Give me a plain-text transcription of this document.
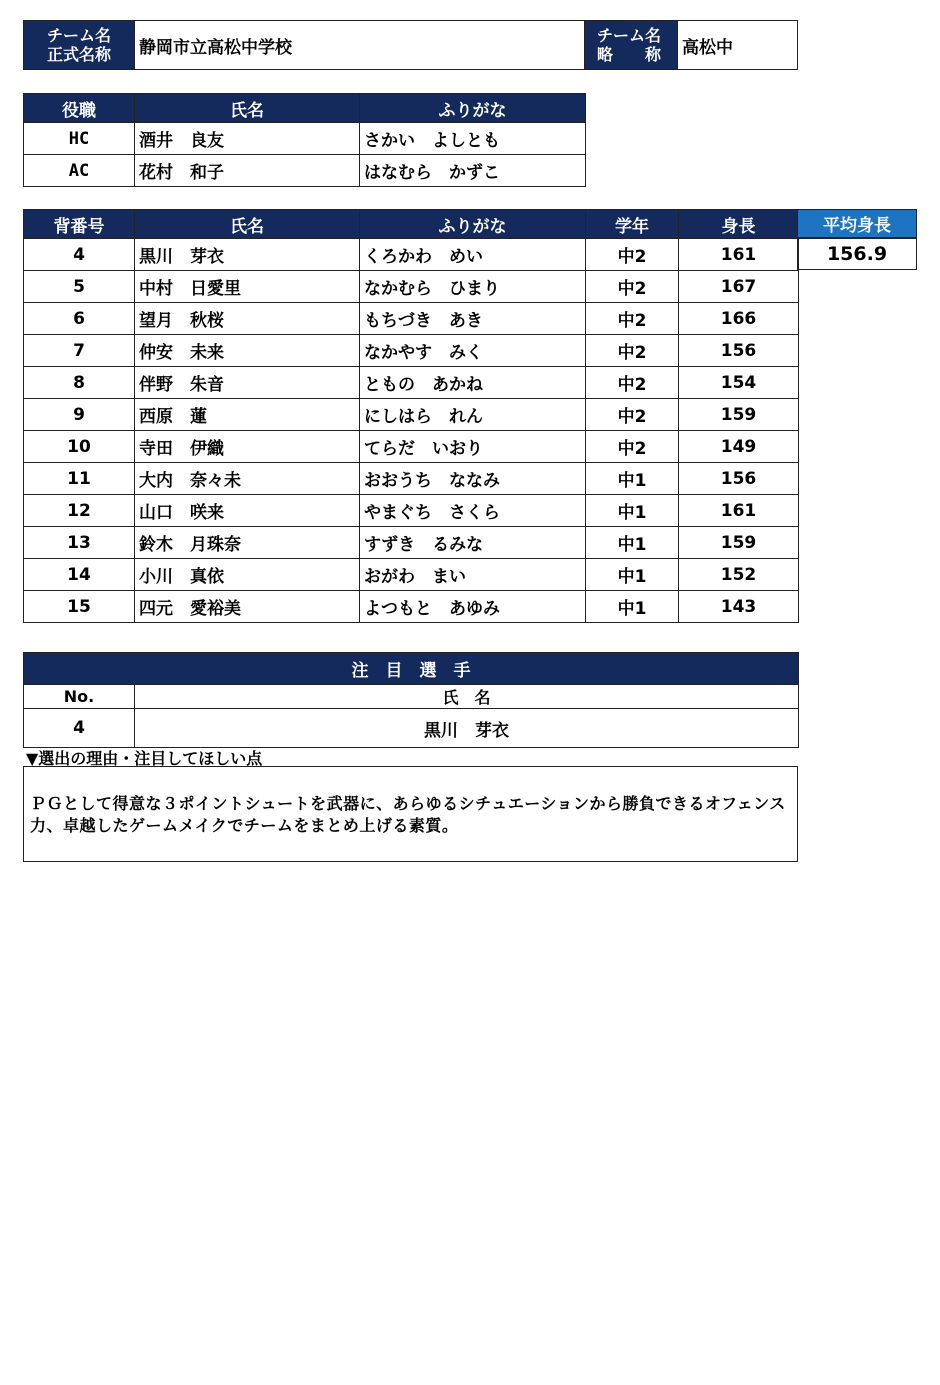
チーム名
正式名称 静岡市立高松中学校
チーム名
略　　称 高松中
役職	氏名	ふりがな
HC	酒井　良友	さかい　よしとも
AC	花村　和子	はなむら　かずこ
背番号	氏名	ふりがな	学年	身長
4	黒川　芽衣	くろかわ　めい	中2	161
5	中村　日愛里	なかむら　ひまり	中2	167
6	望月　秋桜	もちづき　あき	中2	166
7	仲安　未来	なかやす　みく	中2	156
8	伴野　朱音	ともの　あかね	中2	154
9	西原　蓮	にしはら　れん	中2	159
10	寺田　伊織	てらだ　いおり	中2	149
11	大内　奈々未	おおうち　ななみ	中1	156
12	山口　咲来	やまぐち　さくら	中1	161
13	鈴木　月珠奈	すずき　るみな	中1	159
14	小川　真依	おがわ　まい	中1	152
15	四元　愛裕美	よつもと　あゆみ	中1	143
平均身長
156.9
注　目　選　手	
No.	氏　名
4	黒川　芽衣
▼選出の理由・注目してほしい点
ＰＧとして得意な３ポイントシュートを武器に、あらゆるシチュエーションから勝負できるオフェンス力、卓越したゲームメイクでチームをまとめ上げる素質。
